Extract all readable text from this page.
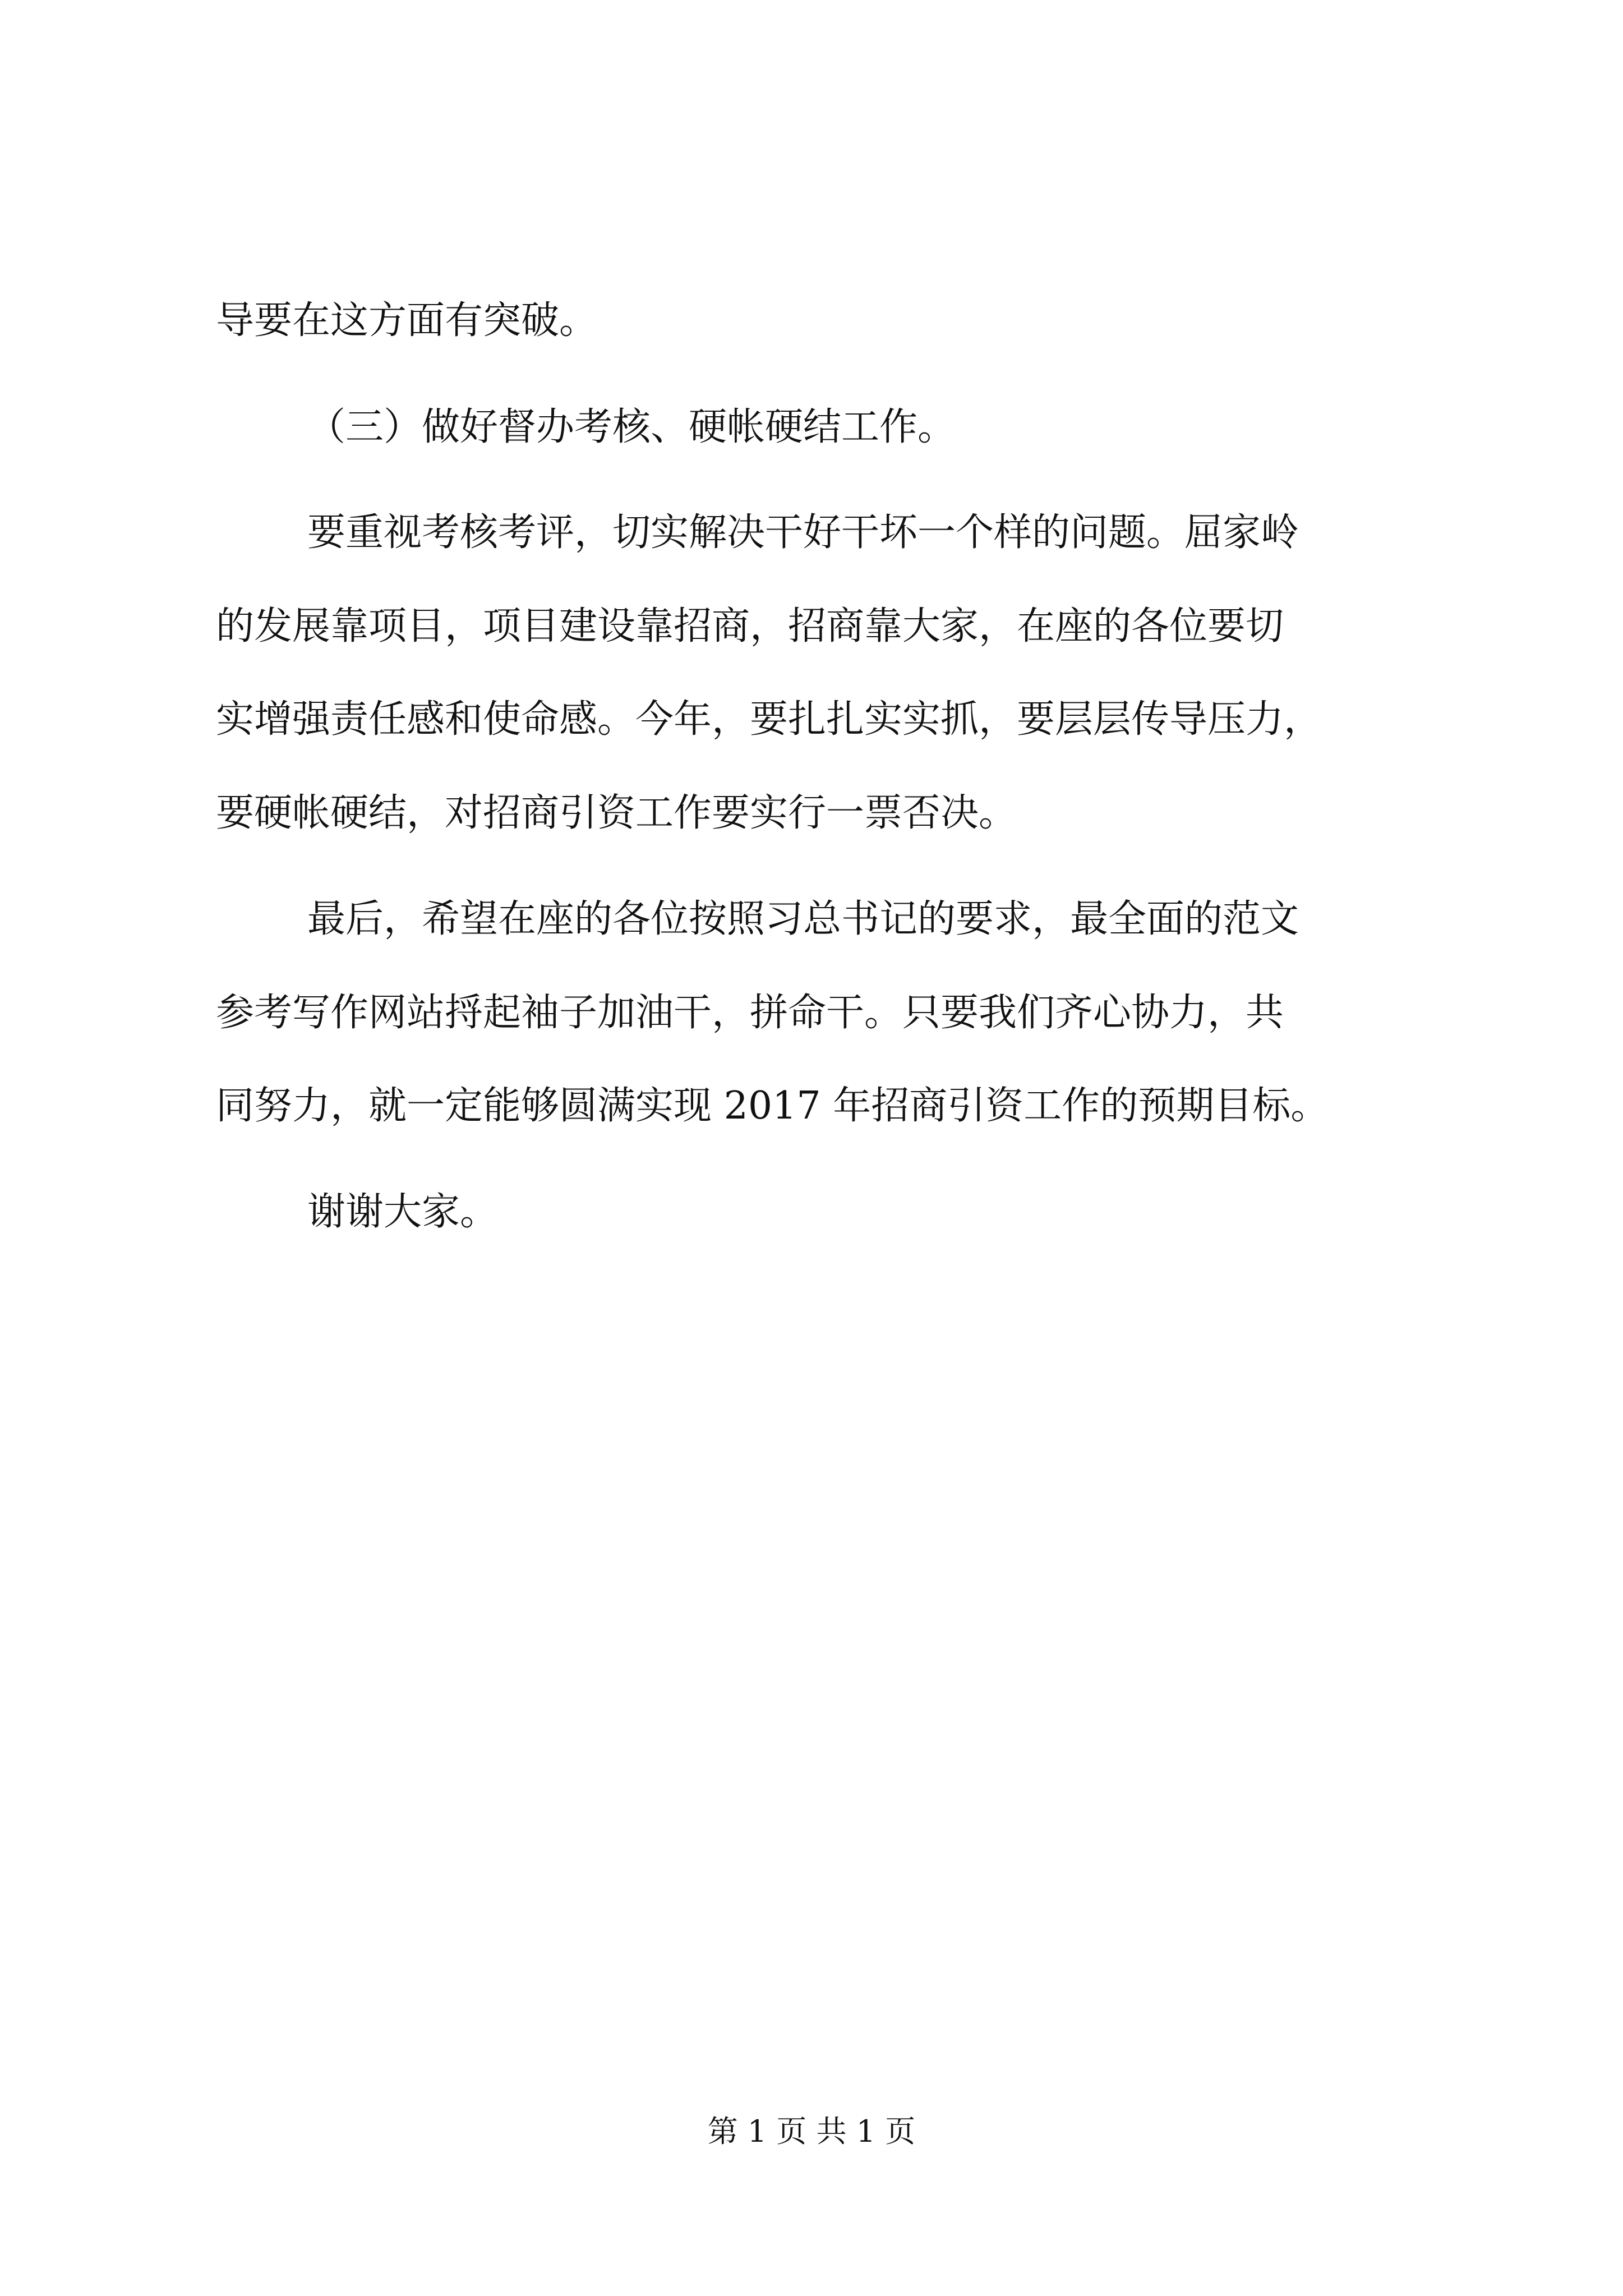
导要在这方面有突破。

（三）做好督办考核、硬帐硬结工作。

要重视考核考评，切实解决干好干坏一个样的问题。屈家岭

的发展靠项目，项目建设靠招商，招商靠大家，在座的各位要切

实增强责任感和使命感。今年，要扎扎实实抓，要层层传导压力，

要硬帐硬结，对招商引资工作要实行一票否决。

最后，希望在座的各位按照习总书记的要求，最全面的范文

参考写作网站捋起袖子加油干，拼命干。只要我们齐心协力，共

同努力，就一定能够圆满实现 2017 年招商引资工作的预期目标。

谢谢大家。

第 1 页 共 1 页
